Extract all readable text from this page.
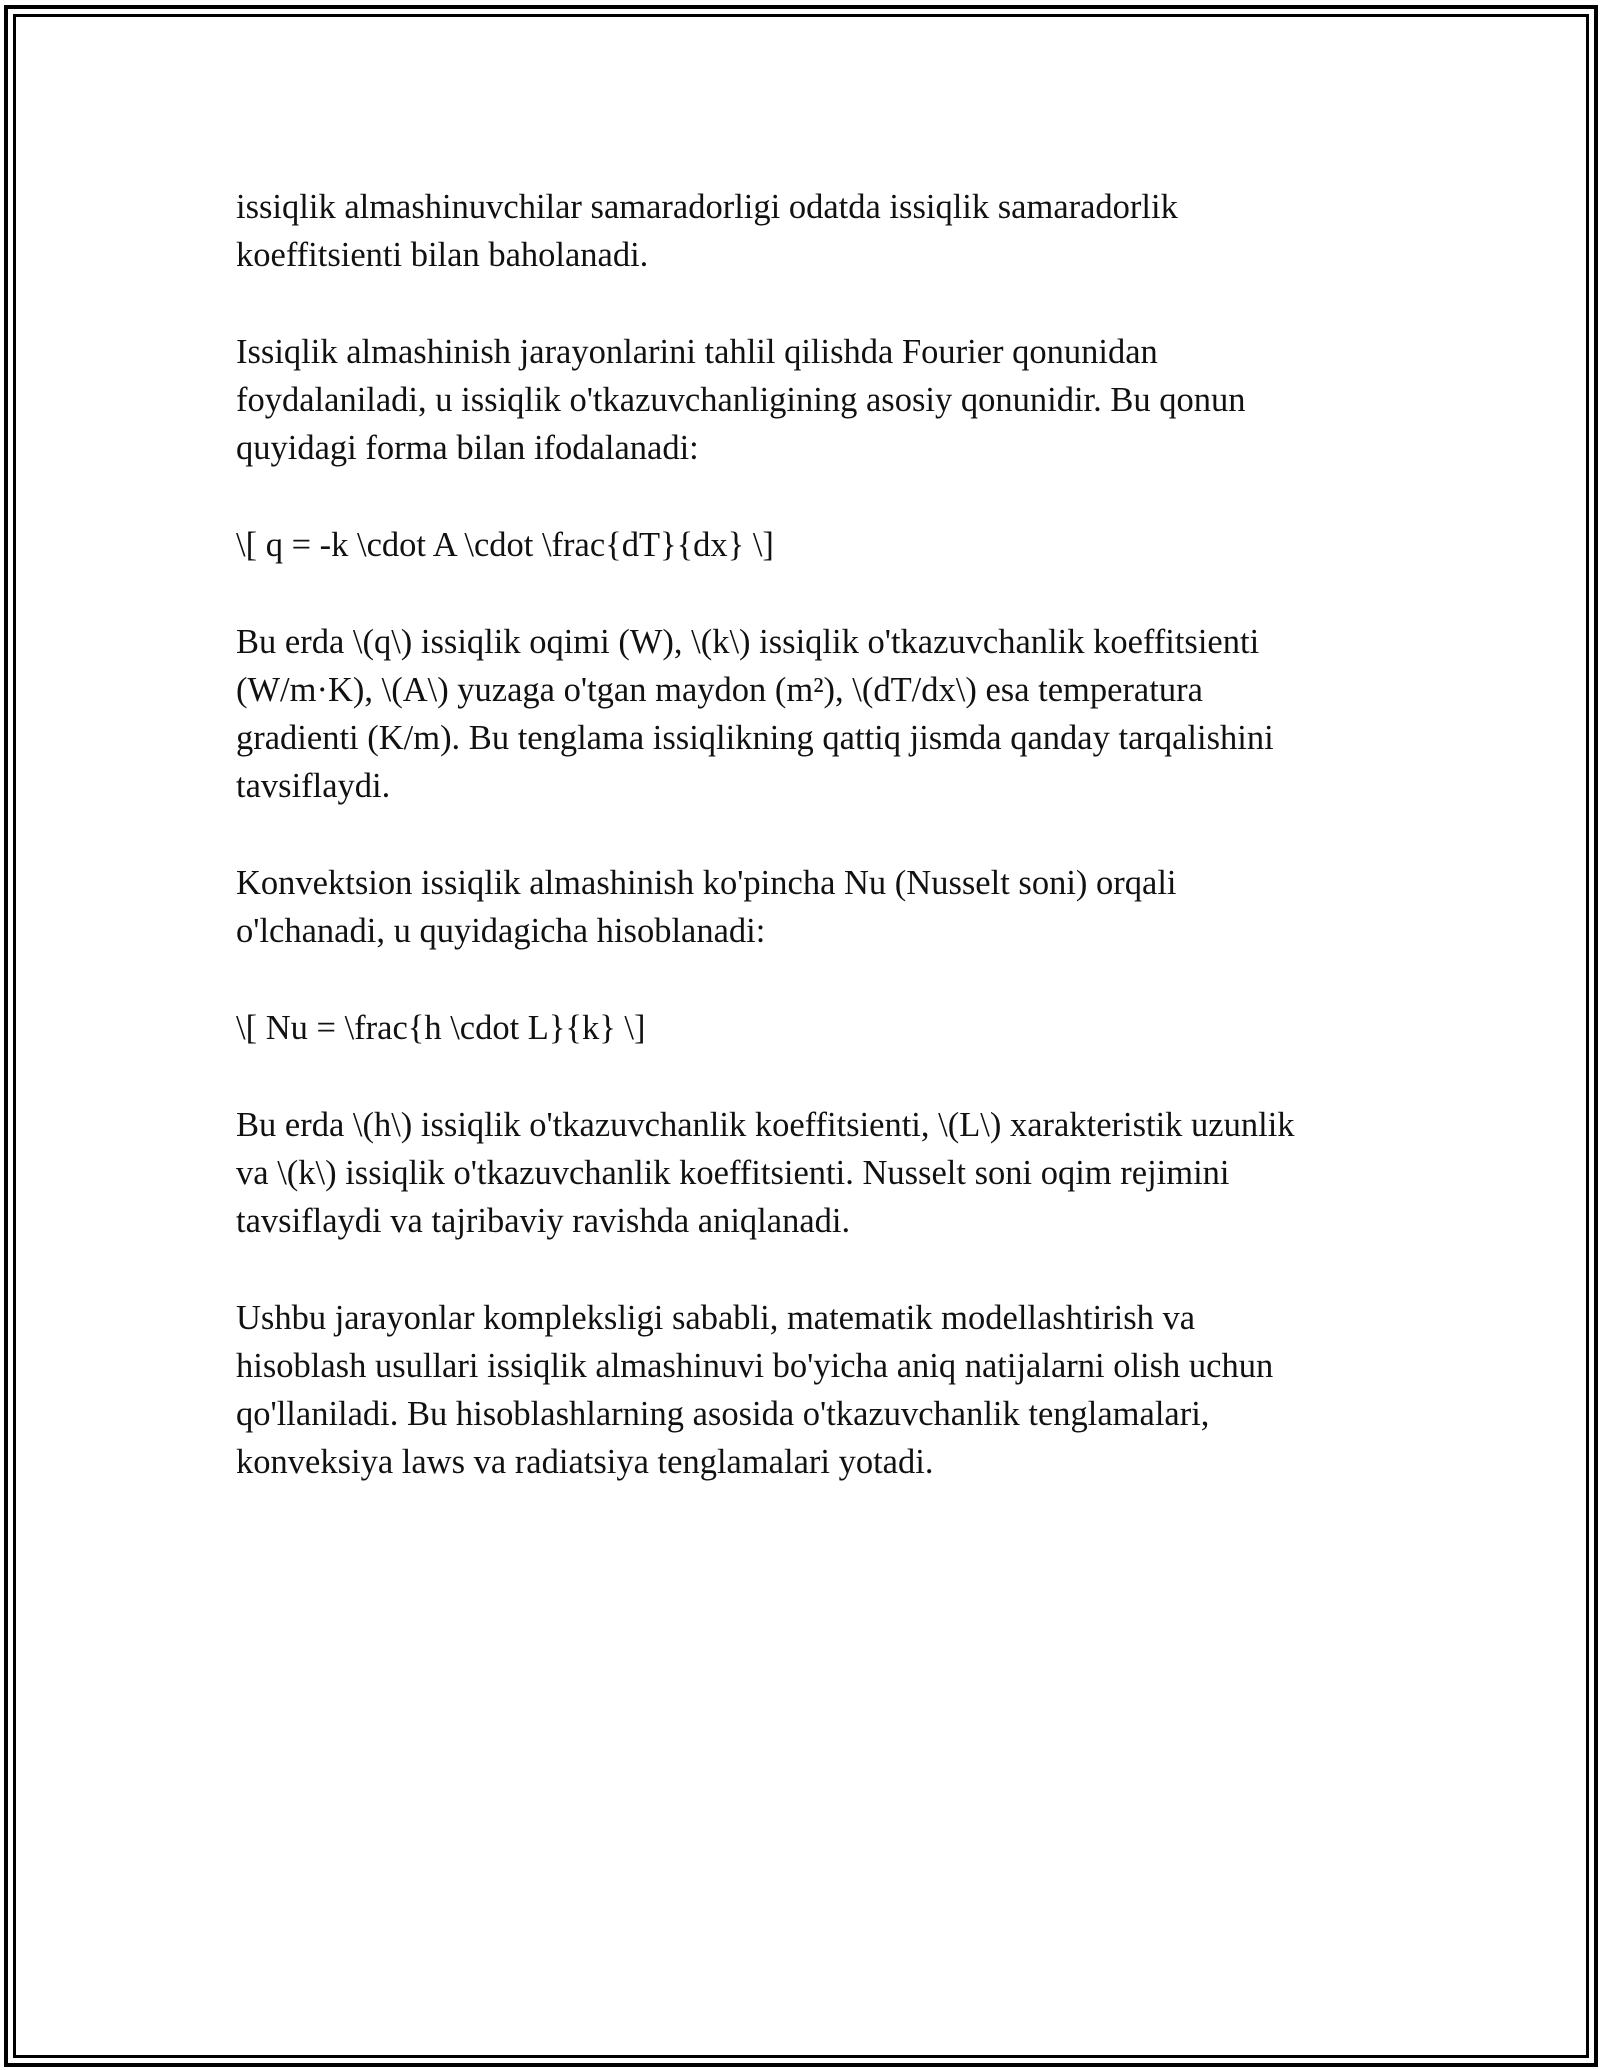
issiqlik almashinuvchilar samaradorligi odatda issiqlik samaradorlik
koeffitsienti bilan baholanadi.

Issiqlik almashinish jarayonlarini tahlil qilishda Fourier qonunidan
foydalaniladi, u issiqlik o'tkazuvchanligining asosiy qonunidir. Bu qonun
quyidagi forma bilan ifodalanadi:

\[ q = -k \cdot A \cdot \frac{dT}{dx} \]

Bu erda \(q\) issiqlik oqimi (W), \(k\) issiqlik o'tkazuvchanlik koeffitsienti
(W/m·K), \(A\) yuzaga o'tgan maydon (m²), \(dT/dx\) esa temperatura
gradienti (K/m). Bu tenglama issiqlikning qattiq jismda qanday tarqalishini
tavsiflaydi.

Konvektsion issiqlik almashinish ko'pincha Nu (Nusselt soni) orqali
o'lchanadi, u quyidagicha hisoblanadi:

\[ Nu = \frac{h \cdot L}{k} \]

Bu erda \(h\) issiqlik o'tkazuvchanlik koeffitsienti, \(L\) xarakteristik uzunlik
va \(k\) issiqlik o'tkazuvchanlik koeffitsienti. Nusselt soni oqim rejimini
tavsiflaydi va tajribaviy ravishda aniqlanadi.

Ushbu jarayonlar kompleksligi sababli, matematik modellashtirish va
hisoblash usullari issiqlik almashinuvi bo'yicha aniq natijalarni olish uchun
qo'llaniladi. Bu hisoblashlarning asosida o'tkazuvchanlik tenglamalari,
konveksiya laws va radiatsiya tenglamalari yotadi.
